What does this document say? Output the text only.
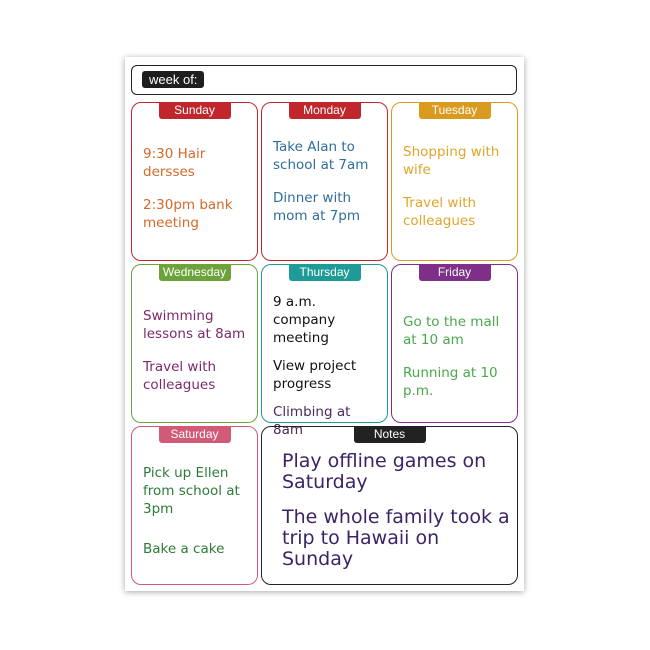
week of:
Sunday

9:30 Hair dersses

2:30pm bank meeting

Monday

Take Alan to school at 7am

Dinner with mom at 7pm

Tuesday

Shopping with wife

Travel with colleagues

Wednesday

Swimming lessons at 8am

Travel with colleagues

Thursday

9 a.m. company meeting

View project progress

Climbing at 8am

Friday

Go to the mall at 10 am

Running at 10 p.m.

Saturday

Pick up Ellen from school at 3pm

Bake a cake

Notes

Play offline games on Saturday

The whole family took a trip to Hawaii on Sunday
